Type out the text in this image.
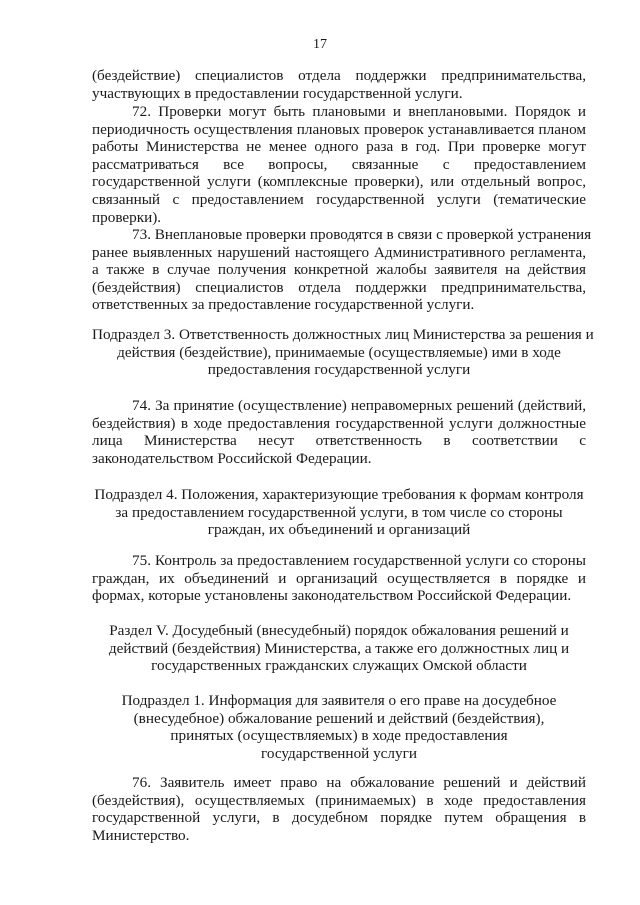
17
(бездействие) специалистов отдела поддержки предпринимательства,
участвующих в предоставлении государственной услуги.
72. Проверки могут быть плановыми и внеплановыми. Порядок и
периодичность осуществления плановых проверок устанавливается планом
работы Министерства не менее одного раза в год. При проверке могут
рассматриваться все вопросы, связанные с предоставлением
государственной услуги (комплексные проверки), или отдельный вопрос,
связанный с предоставлением государственной услуги (тематические
проверки).
73. Внеплановые проверки проводятся в связи с проверкой устранения
ранее выявленных нарушений настоящего Административного регламента,
а также в случае получения конкретной жалобы заявителя на действия
(бездействия) специалистов отдела поддержки предпринимательства,
ответственных за предоставление государственной услуги.
Подраздел 3. Ответственность должностных лиц Министерства за решения и
действия (бездействие), принимаемые (осуществляемые) ими в ходе
предоставления государственной услуги
74. За принятие (осуществление) неправомерных решений (действий,
бездействия) в ходе предоставления государственной услуги должностные
лица Министерства несут ответственность в соответствии с
законодательством Российской Федерации.
Подраздел 4. Положения, характеризующие требования к формам контроля
за предоставлением государственной услуги, в том числе со стороны
граждан, их объединений и организаций
75. Контроль за предоставлением государственной услуги со стороны
граждан, их объединений и организаций осуществляется в порядке и
формах, которые установлены законодательством Российской Федерации.
Раздел V. Досудебный (внесудебный) порядок обжалования решений и
действий (бездействия) Министерства, а также его должностных лиц и
государственных гражданских служащих Омской области
Подраздел 1. Информация для заявителя о его праве на досудебное
(внесудебное) обжалование решений и действий (бездействия),
принятых (осуществляемых) в ходе предоставления
государственной услуги
76. Заявитель имеет право на обжалование решений и действий
(бездействия), осуществляемых (принимаемых) в ходе предоставления
государственной услуги, в досудебном порядке путем обращения в
Министерство.
